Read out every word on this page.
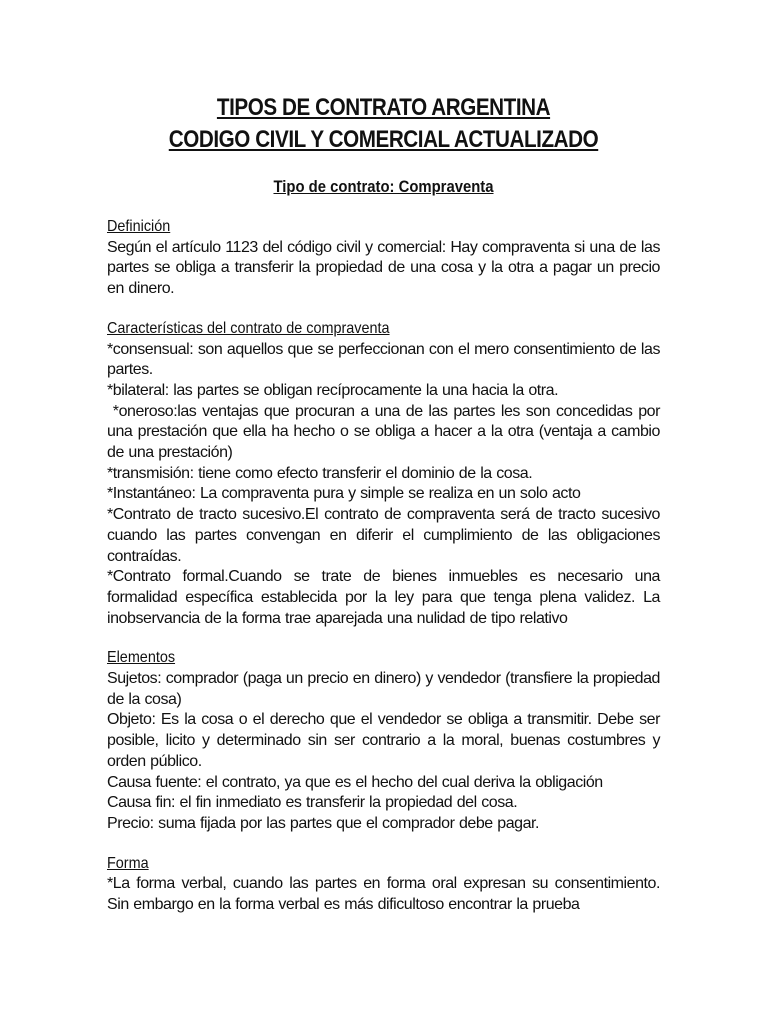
TIPOS DE CONTRATO ARGENTINA
CODIGO CIVIL Y COMERCIAL ACTUALIZADO
Tipo de contrato: Compraventa
Definición
Según el artículo 1123 del código civil y comercial: Hay compraventa si una de las partes se obliga a transferir la propiedad de una cosa y la otra a pagar un precio en dinero.
Características del contrato de compraventa
*consensual: son aquellos que se perfeccionan con el mero consentimiento de las partes.
*bilateral: las partes se obligan recíprocamente la una hacia la otra.
*oneroso:las ventajas que procuran a una de las partes les son concedidas por una prestación que ella ha hecho o se obliga a hacer a la otra (ventaja a cambio de una prestación)
*transmisión: tiene como efecto transferir el dominio de la cosa.
*Instantáneo: La compraventa pura y simple se realiza en un solo acto
*Contrato de tracto sucesivo.El contrato de compraventa será de tracto sucesivo cuando las partes convengan en diferir el cumplimiento de las obligaciones contraídas.
*Contrato formal.Cuando se trate de bienes inmuebles es necesario una formalidad específica establecida por la ley para que tenga plena validez. La inobservancia de la forma trae aparejada una nulidad de tipo relativo
Elementos
Sujetos: comprador (paga un precio en dinero) y vendedor (transfiere la propiedad de la cosa)
Objeto: Es la cosa o el derecho que el vendedor se obliga a transmitir. Debe ser posible, licito y determinado sin ser contrario a la moral, buenas costumbres y orden público.
Causa fuente: el contrato, ya que es el hecho del cual deriva la obligación
Causa fin: el fin inmediato es transferir la propiedad del cosa.
Precio: suma fijada por las partes que el comprador debe pagar.
Forma
*La forma verbal, cuando las partes en forma oral expresan su consentimiento. Sin embargo en la forma verbal es más dificultoso encontrar la prueba
